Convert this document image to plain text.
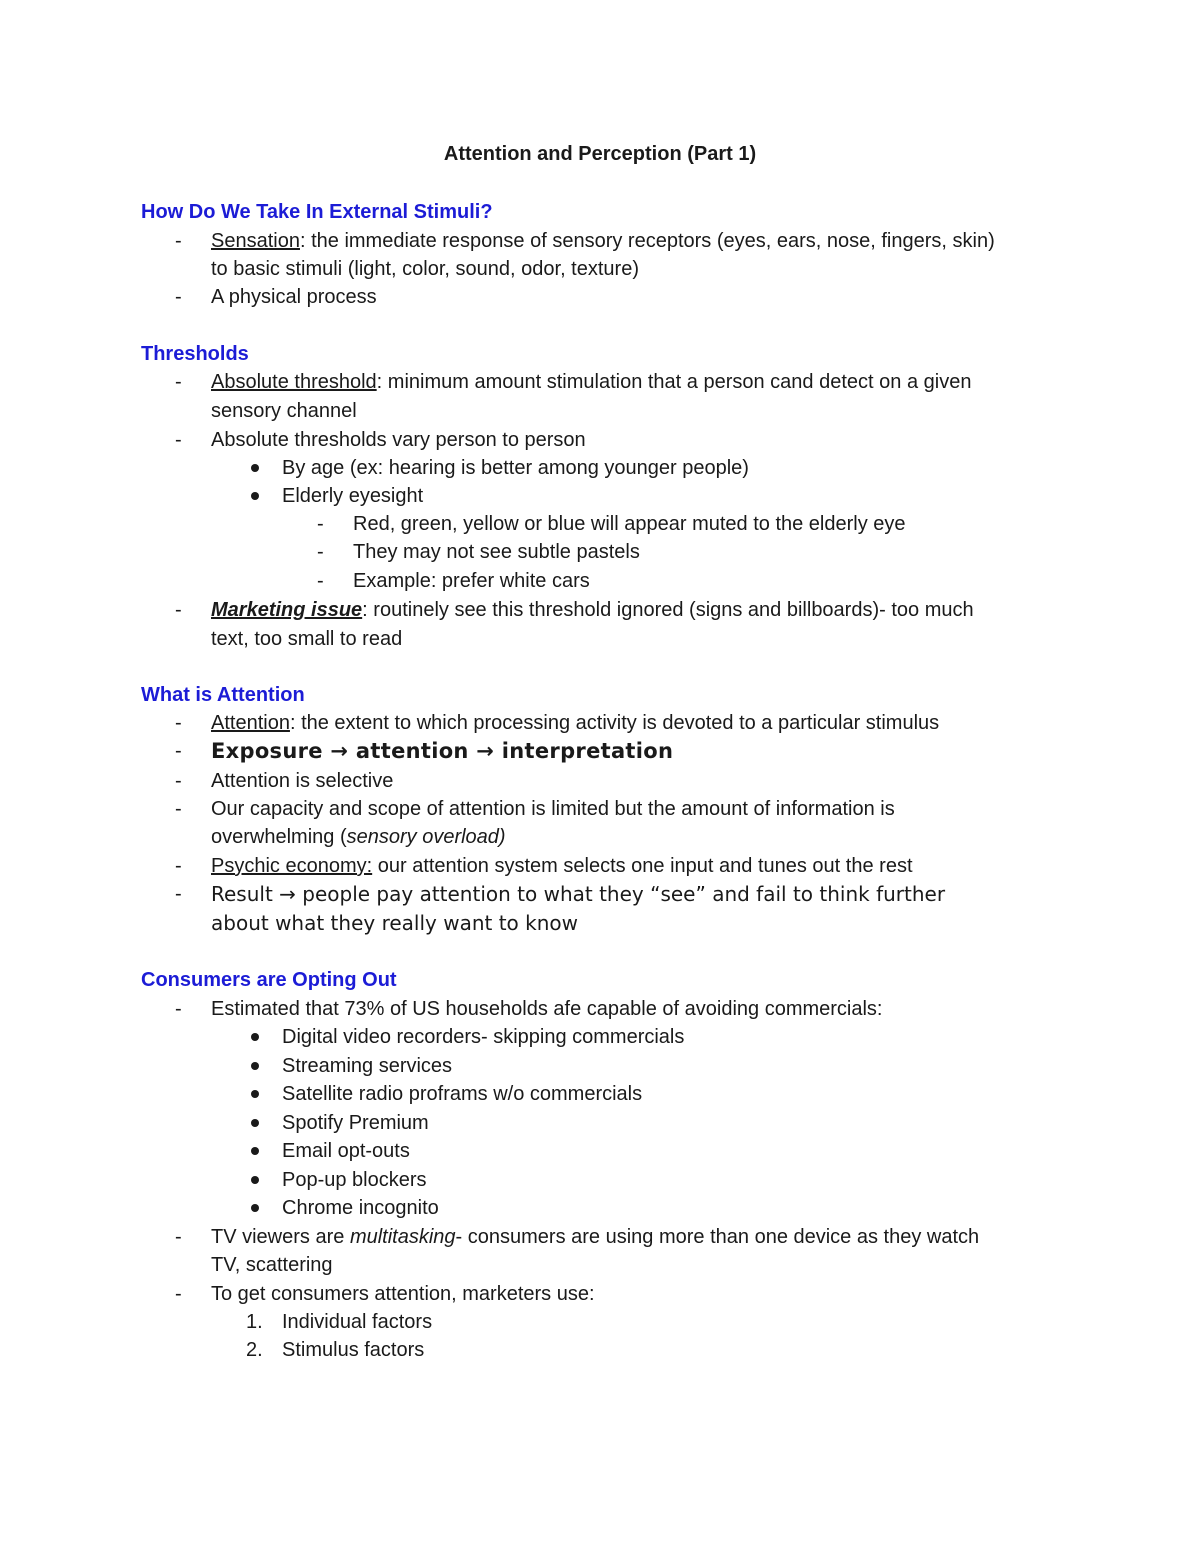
Attention and Perception (Part 1)
How Do We Take In External Stimuli?
- Sensation: the immediate response of sensory receptors (eyes, ears, nose, fingers, skin)
to basic stimuli (light, color, sound, odor, texture)
- A physical process
Thresholds
- Absolute threshold: minimum amount stimulation that a person cand detect on a given
sensory channel
- Absolute thresholds vary person to person
By age (ex: hearing is better among younger people)
Elderly eyesight
- Red, green, yellow or blue will appear muted to the elderly eye
- They may not see subtle pastels
- Example: prefer white cars
- Marketing issue: routinely see this threshold ignored (signs and billboards)- too much
text, too small to read
What is Attention
- Attention: the extent to which processing activity is devoted to a particular stimulus
- Exposure → attention → interpretation
- Attention is selective
- Our capacity and scope of attention is limited but the amount of information is
overwhelming (sensory overload)
- Psychic economy: our attention system selects one input and tunes out the rest
- Result → people pay attention to what they “see” and fail to think further
about what they really want to know
Consumers are Opting Out
- Estimated that 73% of US households afe capable of avoiding commercials:
Digital video recorders- skipping commercials
Streaming services
Satellite radio proframs w/o commercials
Spotify Premium
Email opt-outs
Pop-up blockers
Chrome incognito
- TV viewers are multitasking- consumers are using more than one device as they watch
TV, scattering
- To get consumers attention, marketers use:
1. Individual factors
2. Stimulus factors
